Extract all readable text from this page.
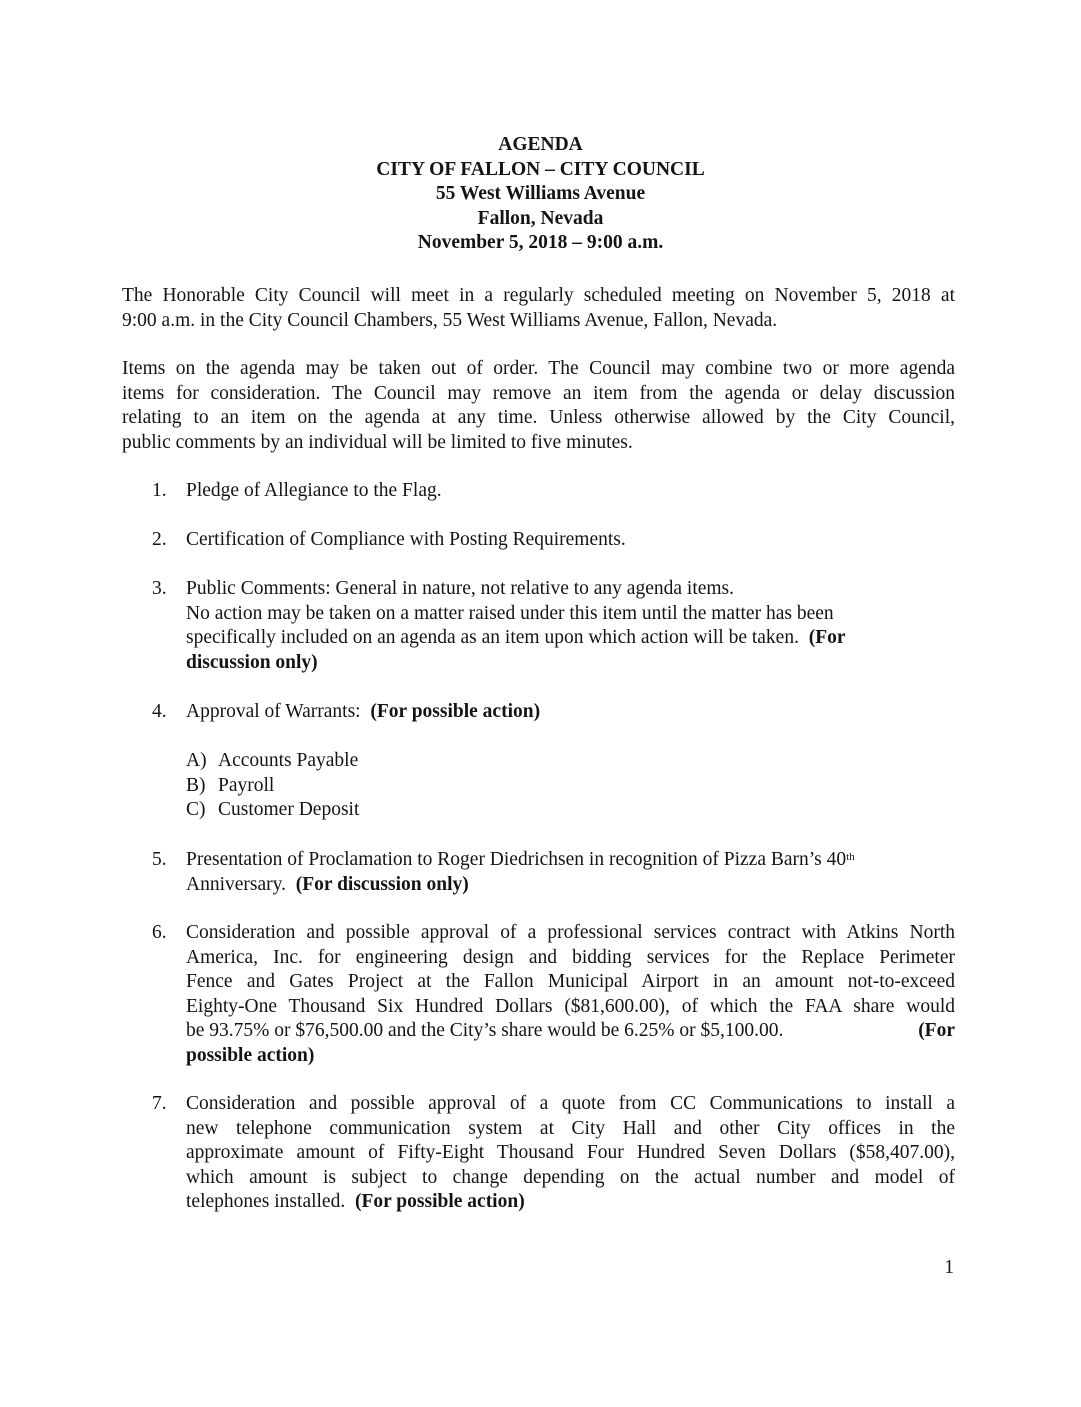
AGENDA
CITY OF FALLON – CITY COUNCIL
55 West Williams Avenue
Fallon, Nevada
November 5, 2018 – 9:00 a.m.
The Honorable City Council will meet in a regularly scheduled meeting on November 5, 2018 at
9:00 a.m. in the City Council Chambers, 55 West Williams Avenue, Fallon, Nevada.
Items on the agenda may be taken out of order. The Council may combine two or more agenda
items for consideration. The Council may remove an item from the agenda or delay discussion
relating to an item on the agenda at any time. Unless otherwise allowed by the City Council,
public comments by an individual will be limited to five minutes.
1. Pledge of Allegiance to the Flag.
2. Certification of Compliance with Posting Requirements.
3. Public Comments: General in nature, not relative to any agenda items.
No action may be taken on a matter raised under this item until the matter has been
specifically included on an agenda as an item upon which action will be taken. (For
discussion only)
4. Approval of Warrants: (For possible action)
A) Accounts Payable
B) Payroll
C) Customer Deposit
5. Presentation of Proclamation to Roger Diedrichsen in recognition of Pizza Barn’s 40th
Anniversary. (For discussion only)
6. Consideration and possible approval of a professional services contract with Atkins North
America, Inc. for engineering design and bidding services for the Replace Perimeter
Fence and Gates Project at the Fallon Municipal Airport in an amount not-to-exceed
Eighty-One Thousand Six Hundred Dollars ($81,600.00), of which the FAA share would
be 93.75% or $76,500.00 and the City’s share would be 6.25% or $5,100.00.	(For
possible action)
7. Consideration and possible approval of a quote from CC Communications to install a
new telephone communication system at City Hall and other City offices in the
approximate amount of Fifty-Eight Thousand Four Hundred Seven Dollars ($58,407.00),
which amount is subject to change depending on the actual number and model of
telephones installed. (For possible action)
1
